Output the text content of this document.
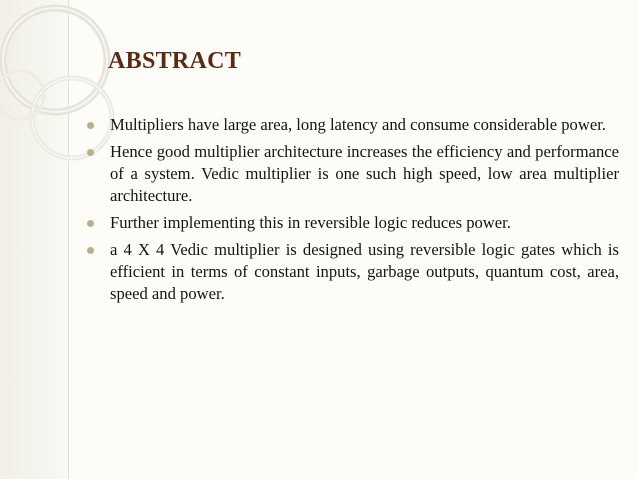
ABSTRACT
Multipliers have large area, long latency and consume considerable power.
Hence good multiplier architecture increases the efficiency and performance of a system. Vedic multiplier is one such high speed, low area multiplier architecture.
Further implementing this in reversible logic reduces power.
a 4 X 4 Vedic multiplier is designed using reversible logic gates which is efficient in terms of constant inputs, garbage outputs, quantum cost, area, speed and power.
